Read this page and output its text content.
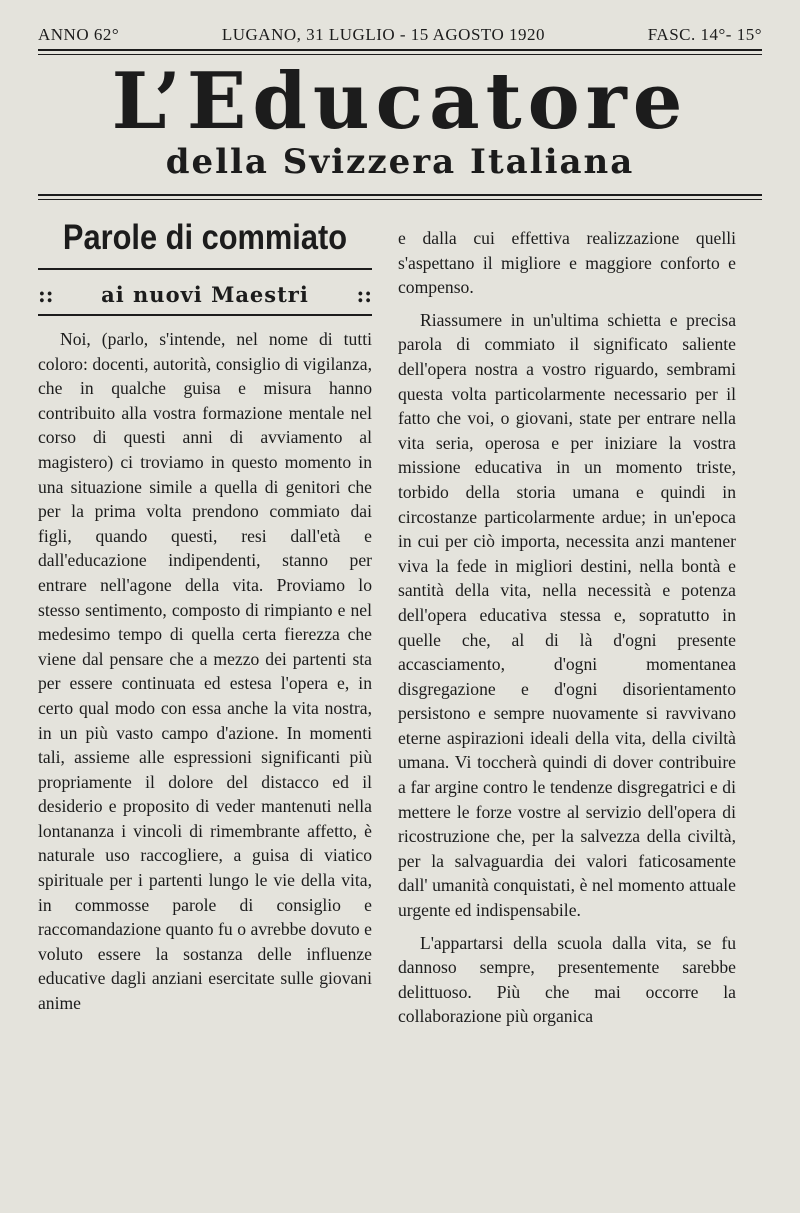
ANNO 62°	LUGANO, 31 LUGLIO - 15 AGOSTO 1920	FASC. 14°- 15°
L’Educatore
della Svizzera Italiana
Parole di commiato
::	ai nuovi Maestri	::

Noi, (parlo, s'intende, nel nome di tutti coloro: docenti, autorità, consiglio di vigilanza, che in qualche guisa e misura hanno contribuito alla vostra formazione mentale nel corso di questi anni di avviamento al magistero) ci troviamo in questo momento in una situazione simile a quella di genitori che per la prima volta prendono commiato dai figli, quando questi, resi dall'età e dall'educazione indipendenti, stanno per entrare nell'agone della vita. Proviamo lo stesso sentimento, composto di rimpianto e nel medesimo tempo di quella certa fierezza che viene dal pensare che a mezzo dei partenti sta per essere continuata ed estesa l'opera e, in certo qual modo con essa anche la vita nostra, in un più vasto campo d'azione. In momenti tali, assieme alle espressioni significanti più propriamente il dolore del distacco ed il desiderio e proposito di veder mantenuti nella lontananza i vincoli di rimembrante affetto, è naturale uso raccogliere, a guisa di viatico spirituale per i partenti lungo le vie della vita, in commosse parole di consiglio e raccomandazione quanto fu o avrebbe dovuto e voluto essere la sostanza delle influenze educative dagli anziani esercitate sulle giovani anime

e dalla cui effettiva realizzazione quelli s'aspettano il migliore e maggiore conforto e compenso.

Riassumere in un'ultima schietta e precisa parola di commiato il significato saliente dell'opera nostra a vostro riguardo, sembrami questa volta particolarmente necessario per il fatto che voi, o giovani, state per entrare nella vita seria, operosa e per iniziare la vostra missione educativa in un momento triste, torbido della storia umana e quindi in circostanze particolarmente ardue; in un'epoca in cui per ciò importa, necessita anzi mantener viva la fede in migliori destini, nella bontà e santità della vita, nella necessità e potenza dell'opera educativa stessa e, sopratutto in quelle che, al di là d'ogni presente accasciamento, d'ogni momentanea disgregazione e d'ogni disorientamento persistono e sempre nuovamente si ravvivano eterne aspirazioni ideali della vita, della civiltà umana. Vi toccherà quindi di dover contribuire a far argine contro le tendenze disgregatrici e di mettere le forze vostre al servizio dell'opera di ricostruzione che, per la salvezza della civiltà, per la salvaguardia dei valori faticosamente dall' umanità conquistati, è nel momento attuale urgente ed indispensabile.

L'appartarsi della scuola dalla vita, se fu dannoso sempre, presentemente sarebbe delittuoso. Più che mai occorre la collaborazione più organica
